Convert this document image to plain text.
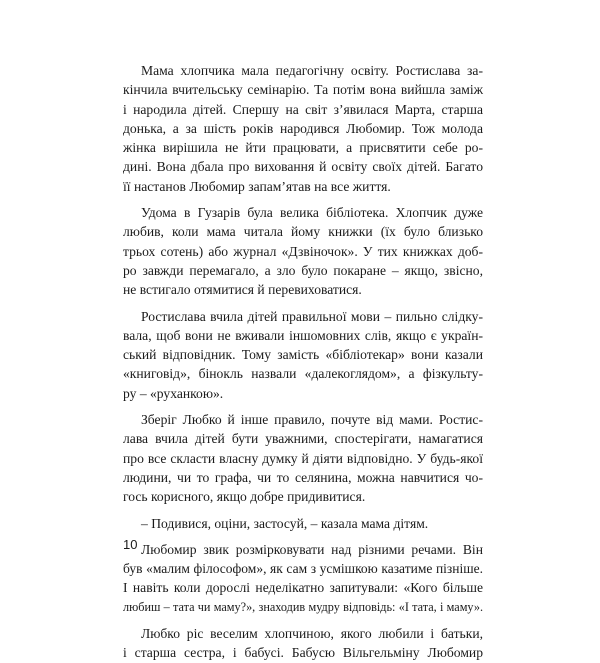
Мама хлопчика мала педагогічну освіту. Ростислава за-
кінчила вчительську семінарію. Та потім вона вийшла заміж
і народила дітей. Спершу на світ з’явилася Марта, старша
донька, а за шість років народився Любомир. Тож молода
жінка вирішила не йти працювати, а присвятити себе ро-
дині. Вона дбала про виховання й освіту своїх дітей. Багато
її настанов Любомир запам’ятав на все життя.

Удома в Гузарів була велика бібліотека. Хлопчик дуже
любив, коли мама читала йому книжки (їх було близько
трьох сотень) або журнал «Дзвіночок». У тих книжках доб-
ро завжди перемагало, а зло було покаране – якщо, звісно,
не встигало отямитися й перевиховатися.

Ростислава вчила дітей правильної мови – пильно слідку-
вала, щоб вони не вживали іншомовних слів, якщо є україн-
ський відповідник. Тому замість «бібліотекар» вони казали
«книговід», бінокль назвали «далекоглядом», а фізкульту-
ру – «руханкою».

Зберіг Любко й інше правило, почуте від мами. Ростис-
лава вчила дітей бути уважними, спостерігати, намагатися
про все скласти власну думку й діяти відповідно. У будь-якої
людини, чи то графа, чи то селянина, можна навчитися чо-
гось корисного, якщо добре придивитися.

– Подивися, оціни, застосуй, – казала мама дітям.

Любомир звик розмірковувати над різними речами. Він
був «малим філософом», як сам з усмішкою казатиме пізніше.
І навіть коли дорослі неделікатно запитували: «Кого більше
любиш – тата чи маму?», знаходив мудру відповідь: «І тата, і маму».

Любко ріс веселим хлопчиною, якого любили і батьки,
і старша сестра, і бабусі. Бабусю Вільгельміну Любомир

10
